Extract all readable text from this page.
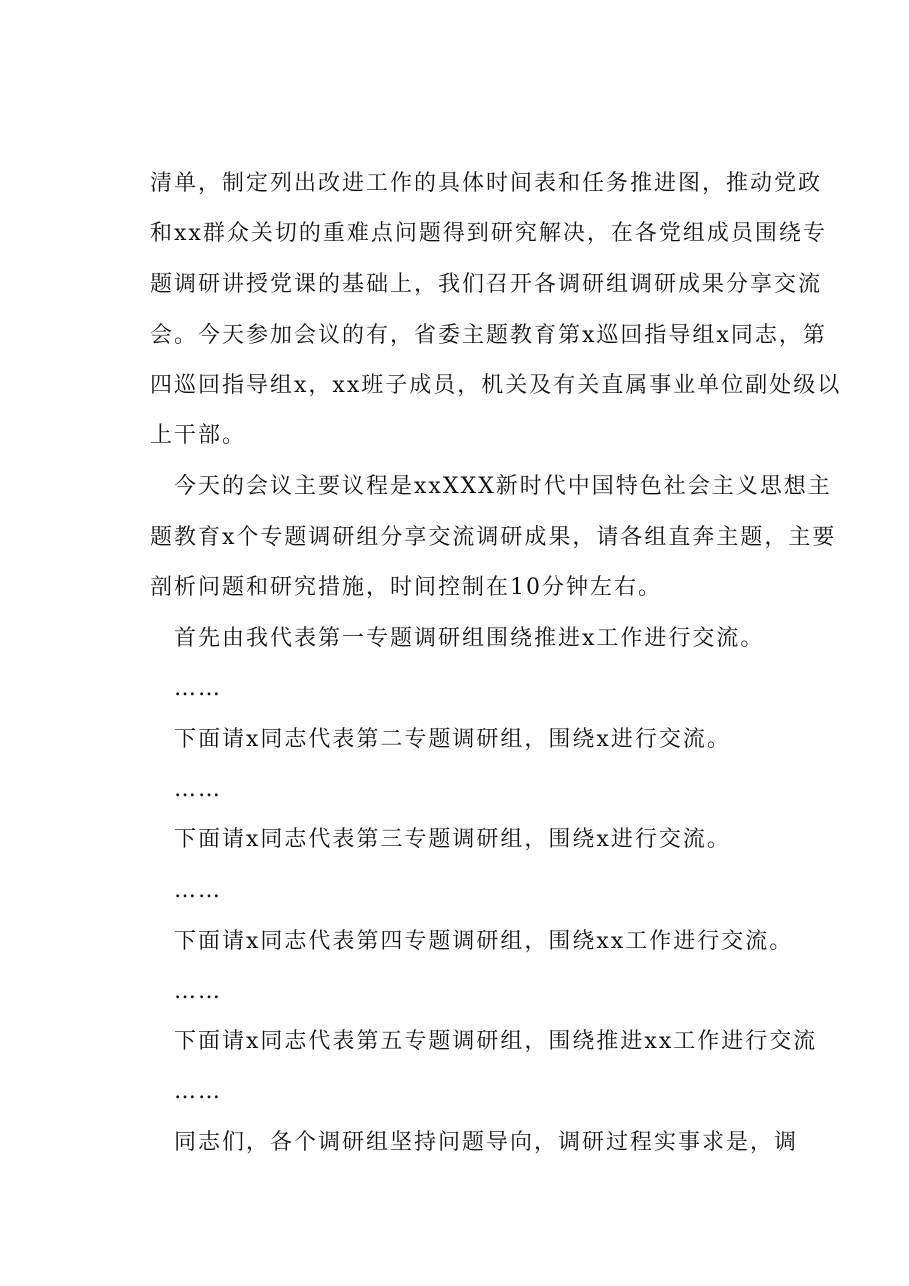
清单，制定列出改进工作的具体时间表和任务推进图，推动党政
和xx群众关切的重难点问题得到研究解决，在各党组成员围绕专
题调研讲授党课的基础上，我们召开各调研组调研成果分享交流
会。今天参加会议的有，省委主题教育第x巡回指导组x同志，第
四巡回指导组x，xx班子成员，机关及有关直属事业单位副处级以
上干部。
今天的会议主要议程是xxXXX新时代中国特色社会主义思想主
题教育x个专题调研组分享交流调研成果，请各组直奔主题，主要
剖析问题和研究措施，时间控制在10分钟左右。
首先由我代表第一专题调研组围绕推进x工作进行交流。
……
下面请x同志代表第二专题调研组，围绕x进行交流。
……
下面请x同志代表第三专题调研组，围绕x进行交流。
……
下面请x同志代表第四专题调研组，围绕xx工作进行交流。
……
下面请x同志代表第五专题调研组，围绕推进xx工作进行交流
……
同志们，各个调研组坚持问题导向，调研过程实事求是，调
